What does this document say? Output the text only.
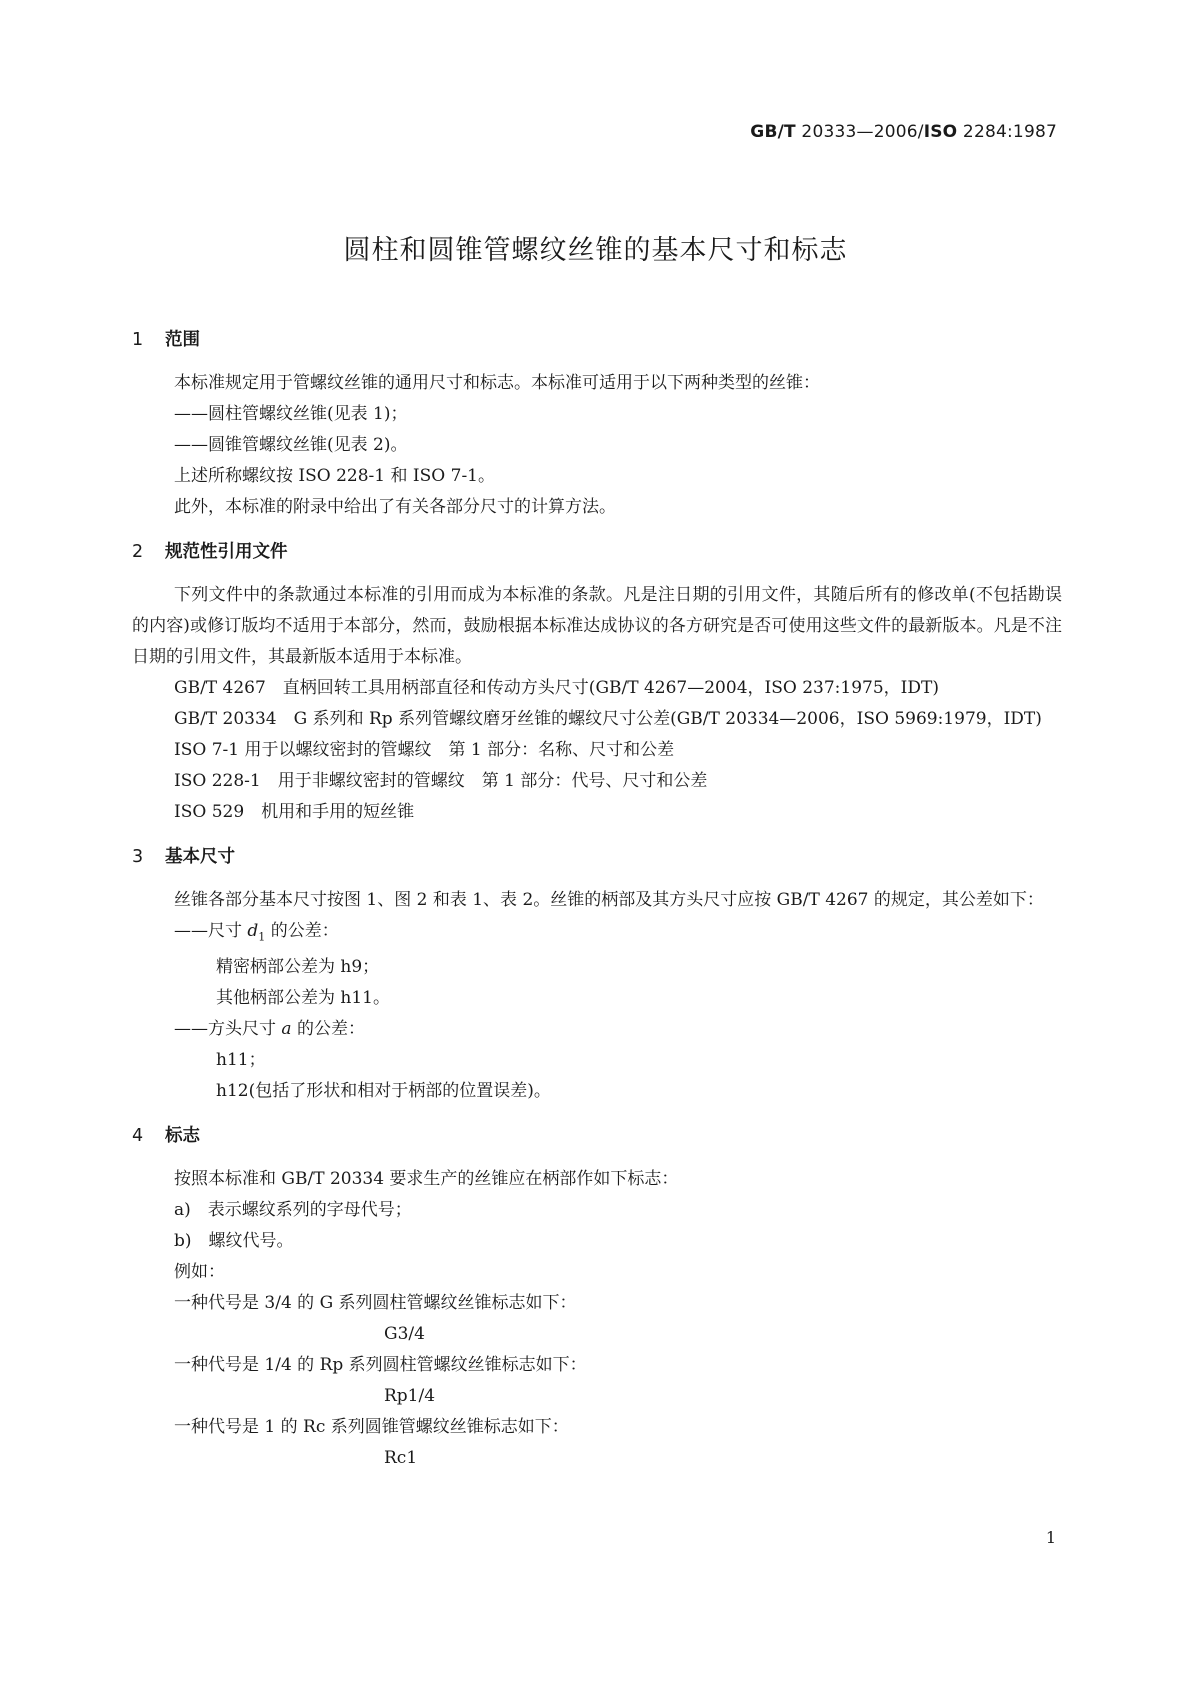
GB/T 20333—2006/ISO 2284:1987
圆柱和圆锥管螺纹丝锥的基本尺寸和标志
1 范围

本标准规定用于管螺纹丝锥的通用尺寸和标志。本标准可适用于以下两种类型的丝锥：

——圆柱管螺纹丝锥(见表 1)；

——圆锥管螺纹丝锥(见表 2)。

上述所称螺纹按 ISO 228-1 和 ISO 7-1。

此外，本标准的附录中给出了有关各部分尺寸的计算方法。

2 规范性引用文件

下列文件中的条款通过本标准的引用而成为本标准的条款。凡是注日期的引用文件，其随后所有的修改单(不包括勘误的内容)或修订版均不适用于本部分，然而，鼓励根据本标准达成协议的各方研究是否可使用这些文件的最新版本。凡是不注日期的引用文件，其最新版本适用于本标准。

GB/T 4267　直柄回转工具用柄部直径和传动方头尺寸(GB/T 4267—2004，ISO 237:1975，IDT)

GB/T 20334　G 系列和 Rp 系列管螺纹磨牙丝锥的螺纹尺寸公差(GB/T 20334—2006，ISO 5969:1979，IDT)

ISO 7-1 用于以螺纹密封的管螺纹　第 1 部分：名称、尺寸和公差

ISO 228-1　用于非螺纹密封的管螺纹　第 1 部分：代号、尺寸和公差

ISO 529　机用和手用的短丝锥

3 基本尺寸

丝锥各部分基本尺寸按图 1、图 2 和表 1、表 2。丝锥的柄部及其方头尺寸应按 GB/T 4267 的规定，其公差如下：

——尺寸 $d_1$ 的公差：

精密柄部公差为 h9；

其他柄部公差为 h11。

——方头尺寸 a 的公差：

h11；

h12(包括了形状和相对于柄部的位置误差)。

4 标志

按照本标准和 GB/T 20334 要求生产的丝锥应在柄部作如下标志：

a)　表示螺纹系列的字母代号；

b)　螺纹代号。

例如：

一种代号是 3/4 的 G 系列圆柱管螺纹丝锥标志如下：

G3/4

一种代号是 1/4 的 Rp 系列圆柱管螺纹丝锥标志如下：

Rp1/4

一种代号是 1 的 Rc 系列圆锥管螺纹丝锥标志如下：

Rc1

1
